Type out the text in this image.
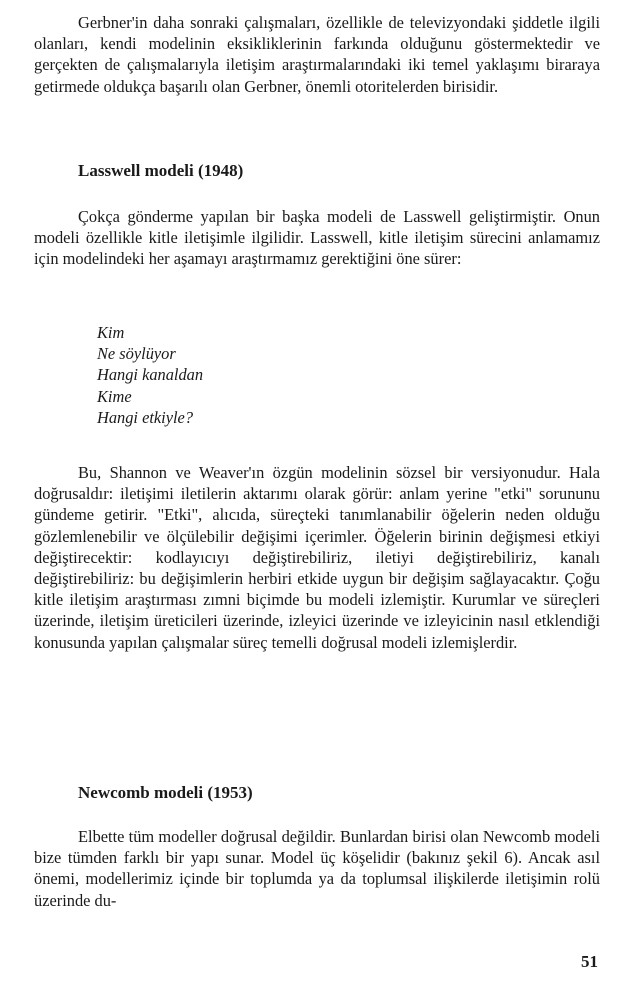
Gerbner'in daha sonraki çalışmaları, özellikle de televizyondaki şiddetle ilgili olanları, kendi modelinin eksikliklerinin farkında olduğunu göstermektedir ve gerçekten de çalışmalarıyla iletişim araştırmalarındaki iki temel yaklaşımı biraraya getirmede oldukça başarılı olan Gerbner, önemli otoritelerden birisidir.

Lasswell modeli (1948)

Çokça gönderme yapılan bir başka modeli de Lasswell geliştirmiştir. Onun modeli özellikle kitle iletişimle ilgilidir. Lasswell, kitle iletişim sürecini anlamamız için modelindeki her aşamayı araştırmamız gerektiğini öne sürer:

Kim
Ne söylüyor
Hangi kanaldan
Kime
Hangi etkiyle?

Bu, Shannon ve Weaver'ın özgün modelinin sözsel bir versiyonudur. Hala doğrusaldır: iletişimi iletilerin aktarımı olarak görür: anlam yerine "etki" sorununu gündeme getirir. "Etki", alıcıda, süreçteki tanımlanabilir öğelerin neden olduğu gözlemlenebilir ve ölçülebilir değişimi içerimler. Öğelerin birinin değişmesi etkiyi değiştirecektir: kodlayıcıyı değiştirebiliriz, iletiyi değiştirebiliriz, kanalı değiştirebiliriz: bu değişimlerin herbiri etkide uygun bir değişim sağlayacaktır. Çoğu kitle iletişim araştırması zımni biçimde bu modeli izlemiştir. Kurumlar ve süreçleri üzerinde, iletişim üreticileri üzerinde, izleyici üzerinde ve izleyicinin nasıl etklendiği konusunda yapılan çalışmalar süreç temelli doğrusal modeli izlemişlerdir.

Newcomb modeli (1953)

Elbette tüm modeller doğrusal değildir. Bunlardan birisi olan Newcomb modeli bize tümden farklı bir yapı sunar. Model üç köşelidir (bakınız şekil 6). Ancak asıl önemi, modellerimiz içinde bir toplumda ya da toplumsal ilişkilerde iletişimin rolü üzerinde du-

51
